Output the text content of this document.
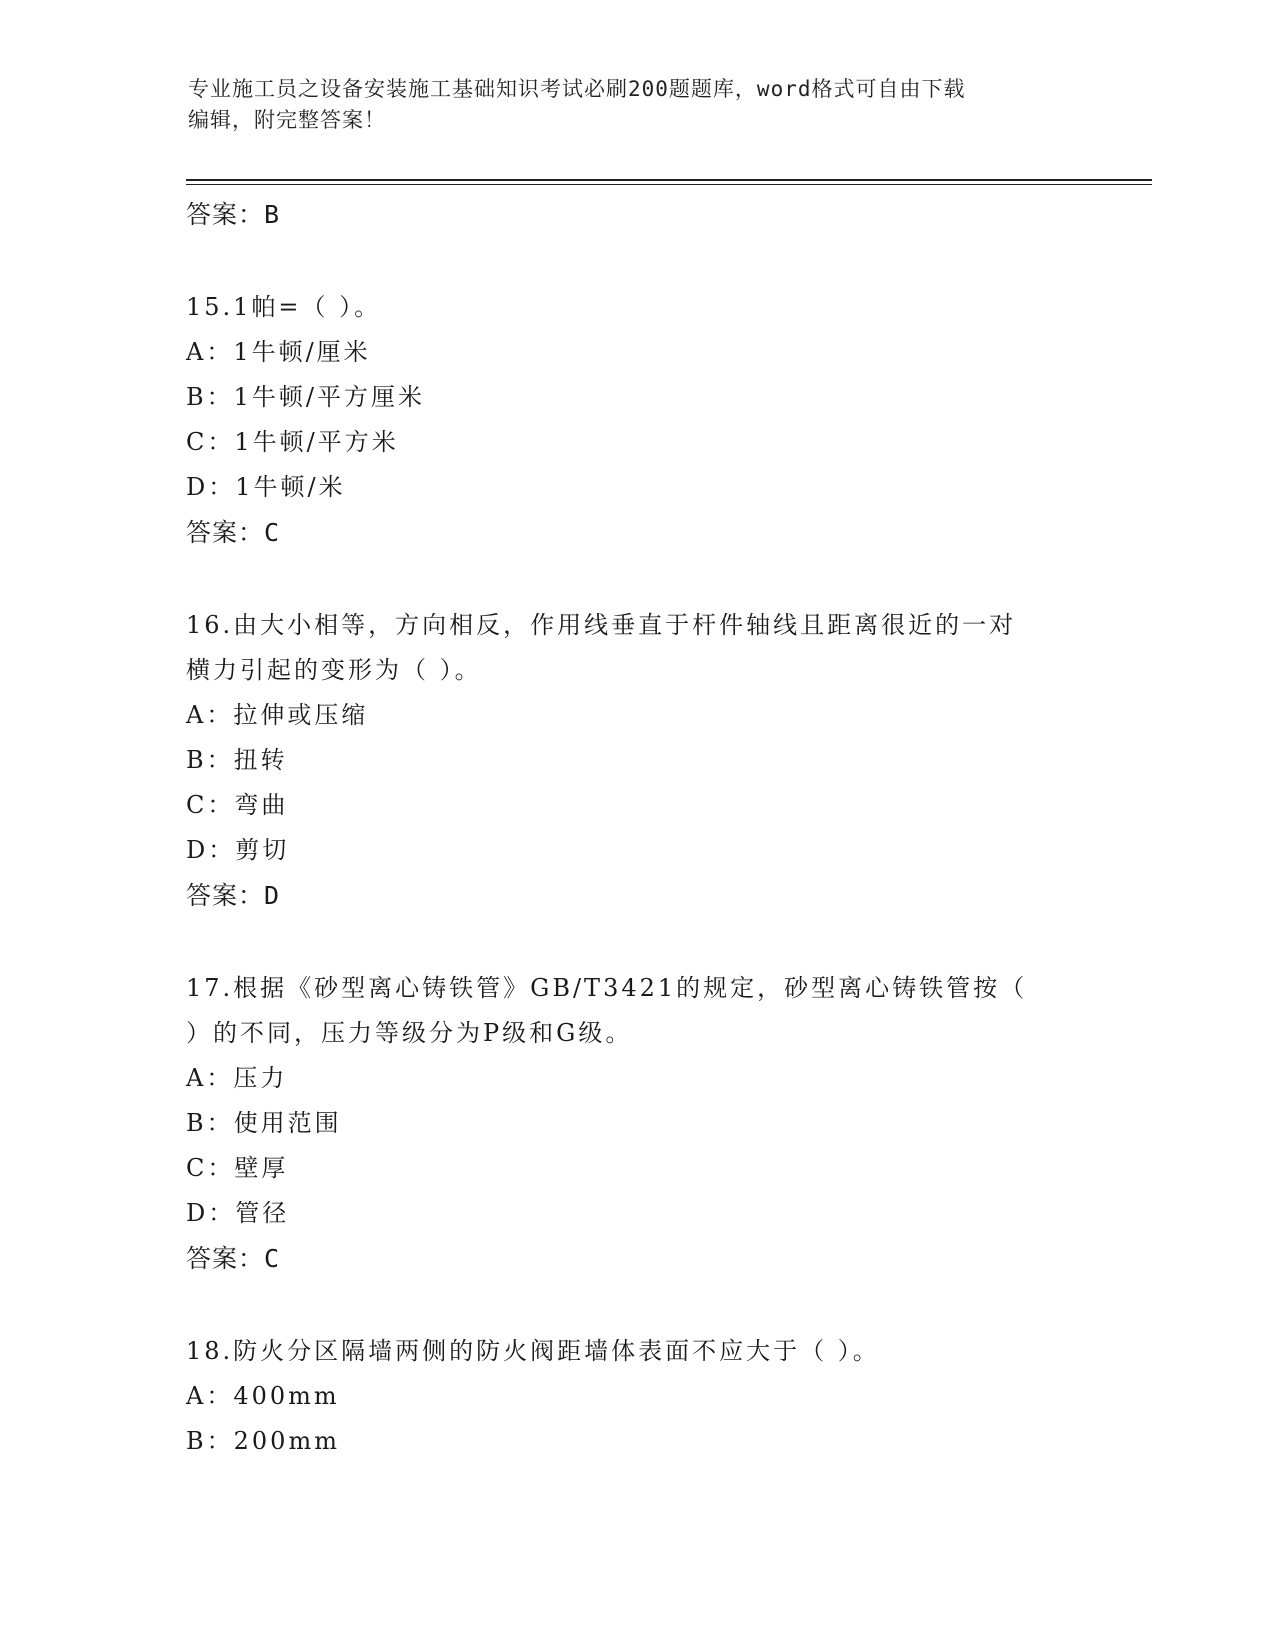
专业施工员之设备安装施工基础知识考试必刷200题题库，word格式可自由下载
编辑，附完整答案！
答案：B
15.1帕=（ ）。
A：1牛顿/厘米
B：1牛顿/平方厘米
C：1牛顿/平方米
D：1牛顿/米
答案：C
16.由大小相等，方向相反，作用线垂直于杆件轴线且距离很近的一对
横力引起的变形为（ ）。
A：拉伸或压缩
B：扭转
C：弯曲
D：剪切
答案：D
17.根据《砂型离心铸铁管》GB/T3421的规定，砂型离心铸铁管按（
）的不同，压力等级分为P级和G级。
A：压力
B：使用范围
C：壁厚
D：管径
答案：C
18.防火分区隔墙两侧的防火阀距墙体表面不应大于（ ）。
A：400mm
B：200mm
